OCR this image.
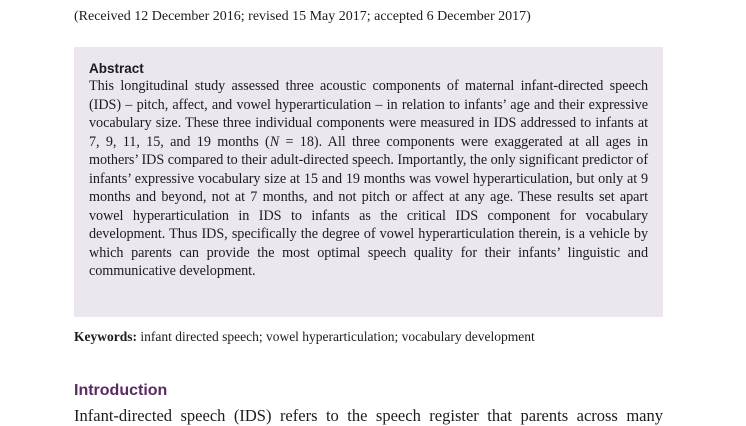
(Received 12 December 2016; revised 15 May 2017; accepted 6 December 2017)
Abstract

This longitudinal study assessed three acoustic components of maternal infant-directed speech (IDS) – pitch, affect, and vowel hyperarticulation – in relation to infants’ age and their expressive vocabulary size. These three individual components were measured in IDS addressed to infants at 7, 9, 11, 15, and 19 months (N = 18). All three components were exaggerated at all ages in mothers’ IDS compared to their adult-directed speech. Importantly, the only significant predictor of infants’ expressive vocabulary size at 15 and 19 months was vowel hyperarticulation, but only at 9 months and beyond, not at 7 months, and not pitch or affect at any age. These results set apart vowel hyperarticulation in IDS to infants as the critical IDS component for vocabulary development. Thus IDS, specifically the degree of vowel hyperarticulation therein, is a vehicle by which parents can provide the most optimal speech quality for their infants’ linguistic and communicative development.

Keywords: infant directed speech; vowel hyperarticulation; vocabulary development
Introduction

Infant-directed speech (IDS) refers to the speech register that parents across many
